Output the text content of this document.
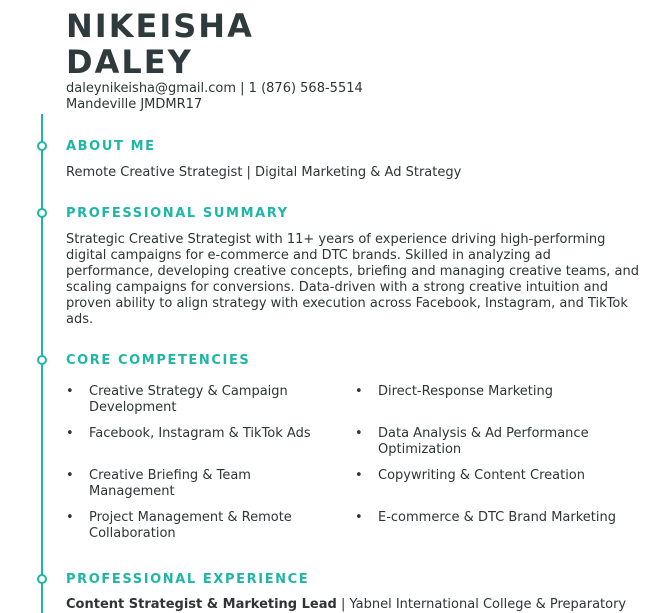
NIKEISHA
DALEY
daleynikeisha@gmail.com | 1 (876) 568-5514
Mandeville JMDMR17
ABOUT ME
Remote Creative Strategist | Digital Marketing & Ad Strategy
PROFESSIONAL SUMMARY
Strategic Creative Strategist with 11+ years of experience driving high-performing
digital campaigns for e-commerce and DTC brands. Skilled in analyzing ad
performance, developing creative concepts, briefing and managing creative teams, and
scaling campaigns for conversions. Data-driven with a strong creative intuition and
proven ability to align strategy with execution across Facebook, Instagram, and TikTok
ads.
CORE COMPETENCIES
• Creative Strategy & Campaign
Development
• Facebook, Instagram & TikTok Ads
• Creative Briefing & Team
Management
• Project Management & Remote
Collaboration
• Direct-Response Marketing
• Data Analysis & Ad Performance
Optimization
• Copywriting & Content Creation
• E-commerce & DTC Brand Marketing
PROFESSIONAL EXPERIENCE
Content Strategist & Marketing Lead | Yabnel International College & Preparatory
